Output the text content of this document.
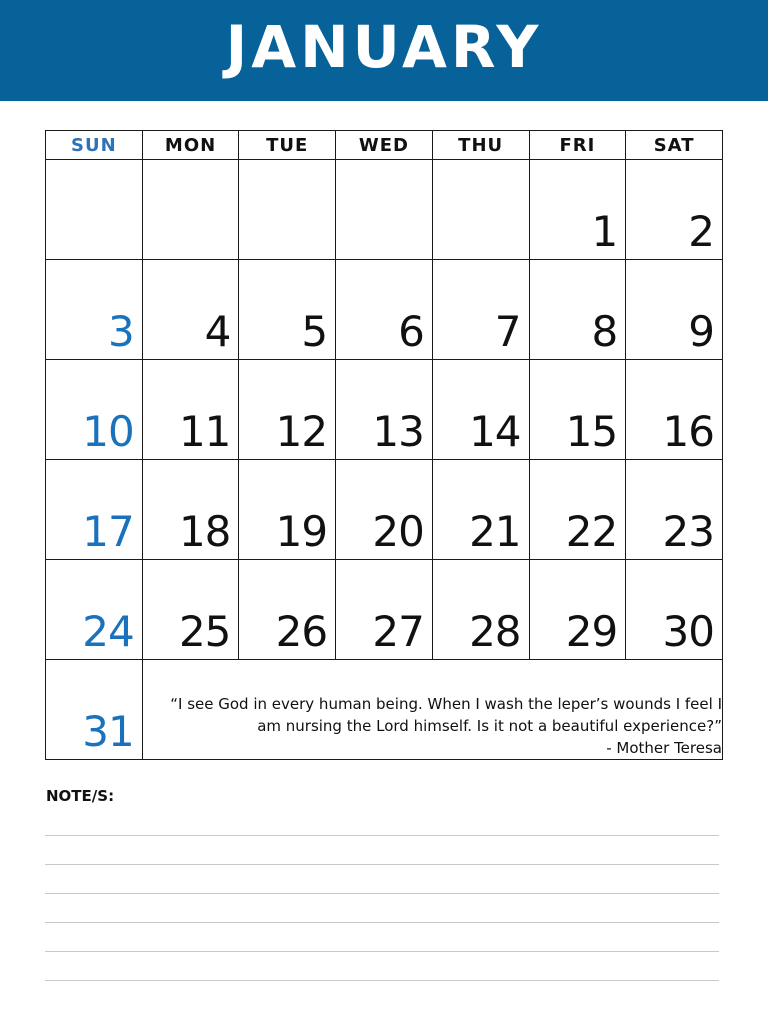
JANUARY
SUN	MON	TUE	WED	THU	FRI	SAT

					1	2

3	4	5	6	7	8	9

10	11	12	13	14	15	16

17	18	19	20	21	22	23

24	25	26	27	28	29	30

31	“I see God in every human being. When I wash the leper’s wounds I feel I am nursing the Lord himself. Is it not a beautiful experience?”
- Mother Teresa					
NOTE/S:
